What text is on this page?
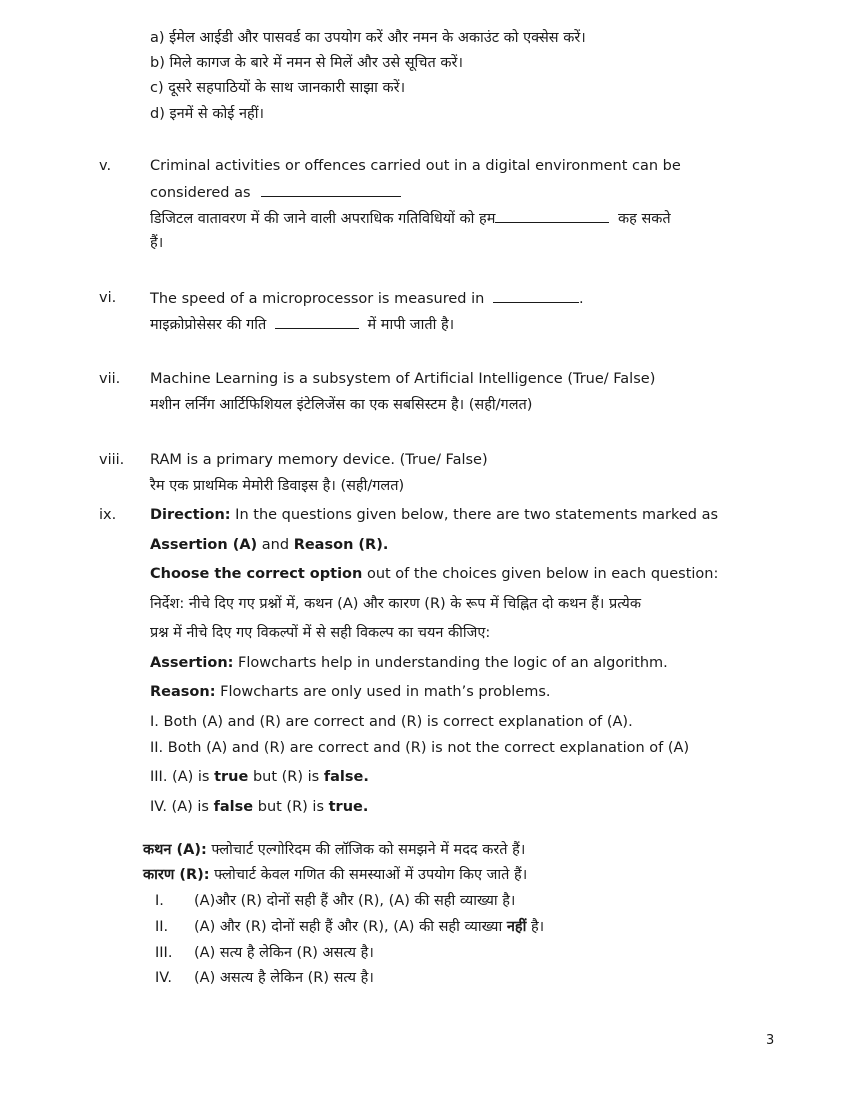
a) ईमेल आईडी और पासवर्ड का उपयोग करें और नमन के अकाउंट को एक्सेस करें।
b) मिले कागज के बारे में नमन से मिलें और उसे सूचित करें।
c) दूसरे सहपाठियों के साथ जानकारी साझा करें।
d) इनमें से कोई नहीं।
v.	Criminal activities or offences carried out in a digital environment can be
considered as
डिजिटल वातावरण में की जाने वाली अपराधिक गतिविधियों को हम	कह सकते
हैं।
vi. The speed of a microprocessor is measured in	.
माइक्रोप्रोसेसर की गति	में मापी जाती है।
vii. Machine Learning is a subsystem of Artificial Intelligence (True/ False)
मशीन लर्निंग आर्टिफिशियल इंटेलिजेंस का एक सबसिस्टम है। (सही/गलत)
viii. RAM is a primary memory device. (True/ False)
रैम एक प्राथमिक मेमोरी डिवाइस है। (सही/गलत)
ix. Direction: In the questions given below, there are two statements marked as
Assertion (A) and Reason (R).
Choose the correct option out of the choices given below in each question:
निर्देश: नीचे दिए गए प्रश्नों में, कथन (A) और कारण (R) के रूप में चिह्नित दो कथन हैं। प्रत्येक
प्रश्न में नीचे दिए गए विकल्पों में से सही विकल्प का चयन कीजिए:
Assertion: Flowcharts help in understanding the logic of an algorithm.
Reason: Flowcharts are only used in math’s problems.
I. Both (A) and (R) are correct and (R) is correct explanation of (A).
II. Both (A) and (R) are correct and (R) is not the correct explanation of (A)
III. (A) is true but (R) is false.
IV. (A) is false but (R) is true.
कथन (A): फ्लोचार्ट एल्गोरिदम की लॉजिक को समझने में मदद करते हैं।
कारण (R): फ्लोचार्ट केवल गणित की समस्याओं में उपयोग किए जाते हैं।
I. (A)और (R) दोनों सही हैं और (R), (A) की सही व्याख्या है।
II. (A) और (R) दोनों सही हैं और (R), (A) की सही व्याख्या नहीं है।
III. (A) सत्य है लेकिन (R) असत्य है।
IV. (A) असत्य है लेकिन (R) सत्य है।
3
